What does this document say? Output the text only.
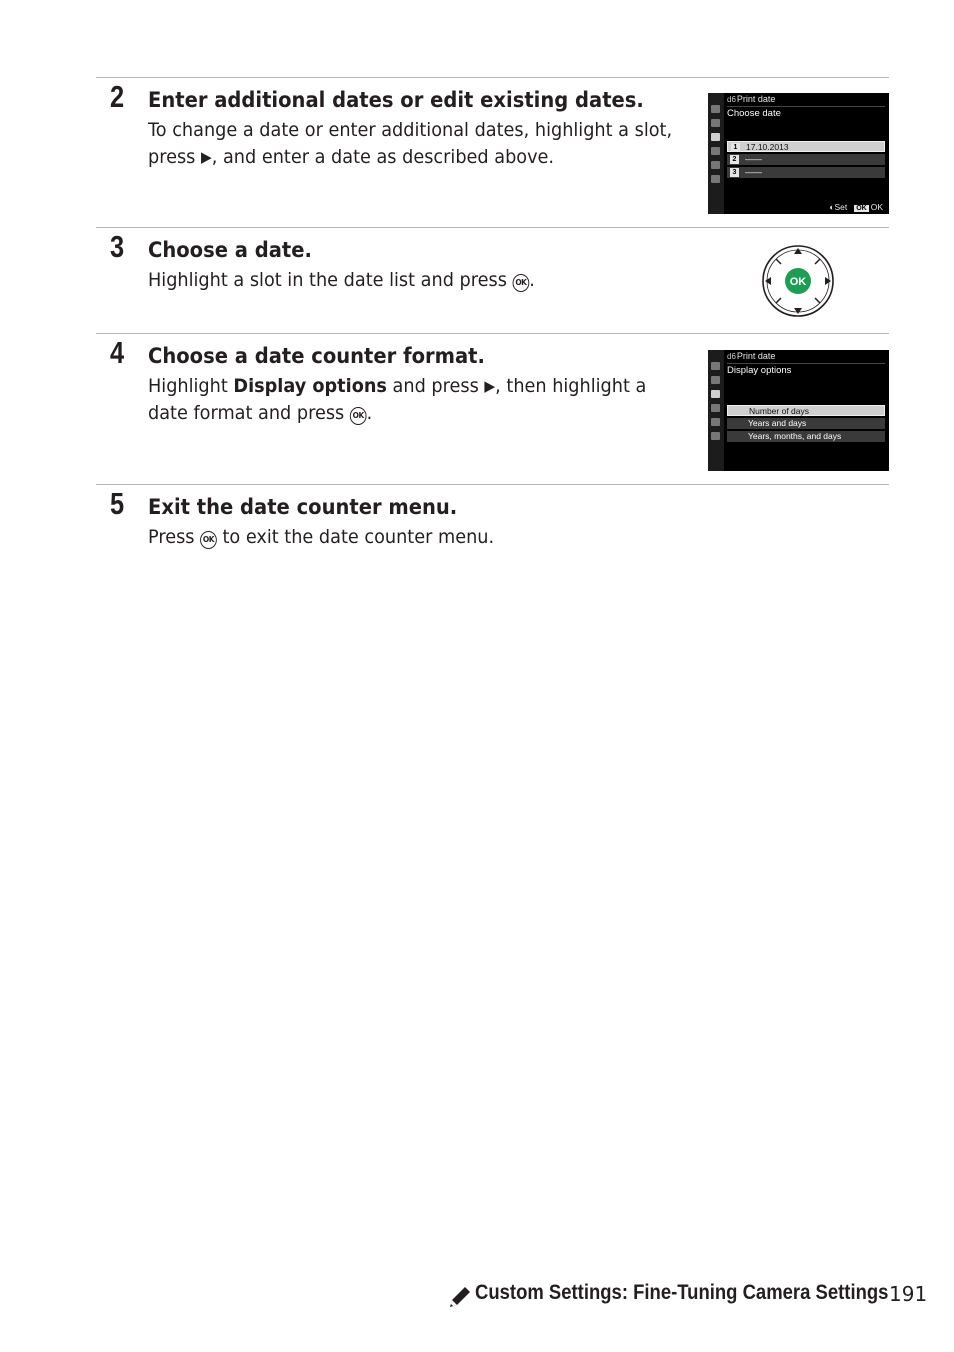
2 Enter additional dates or edit existing dates.
To change a date or enter additional dates, highlight a slot,
press ▶, and enter a date as described above.
d6Print date
Choose date
1 17.10.2013
2 ——
3 ——
◐Set OK OK
3 Choose a date.
Highlight a slot in the date list and press OK .	OK
4 Choose a date counter format.
Highlight Display options and press ▶, then highlight a
date format and press OK .
d6Print date
Display options
Number of days
Years and days
Years, months, and days
5 Exit the date counter menu.
Press OK to exit the date counter menu.
Custom Settings: Fine-Tuning Camera Settings 191
